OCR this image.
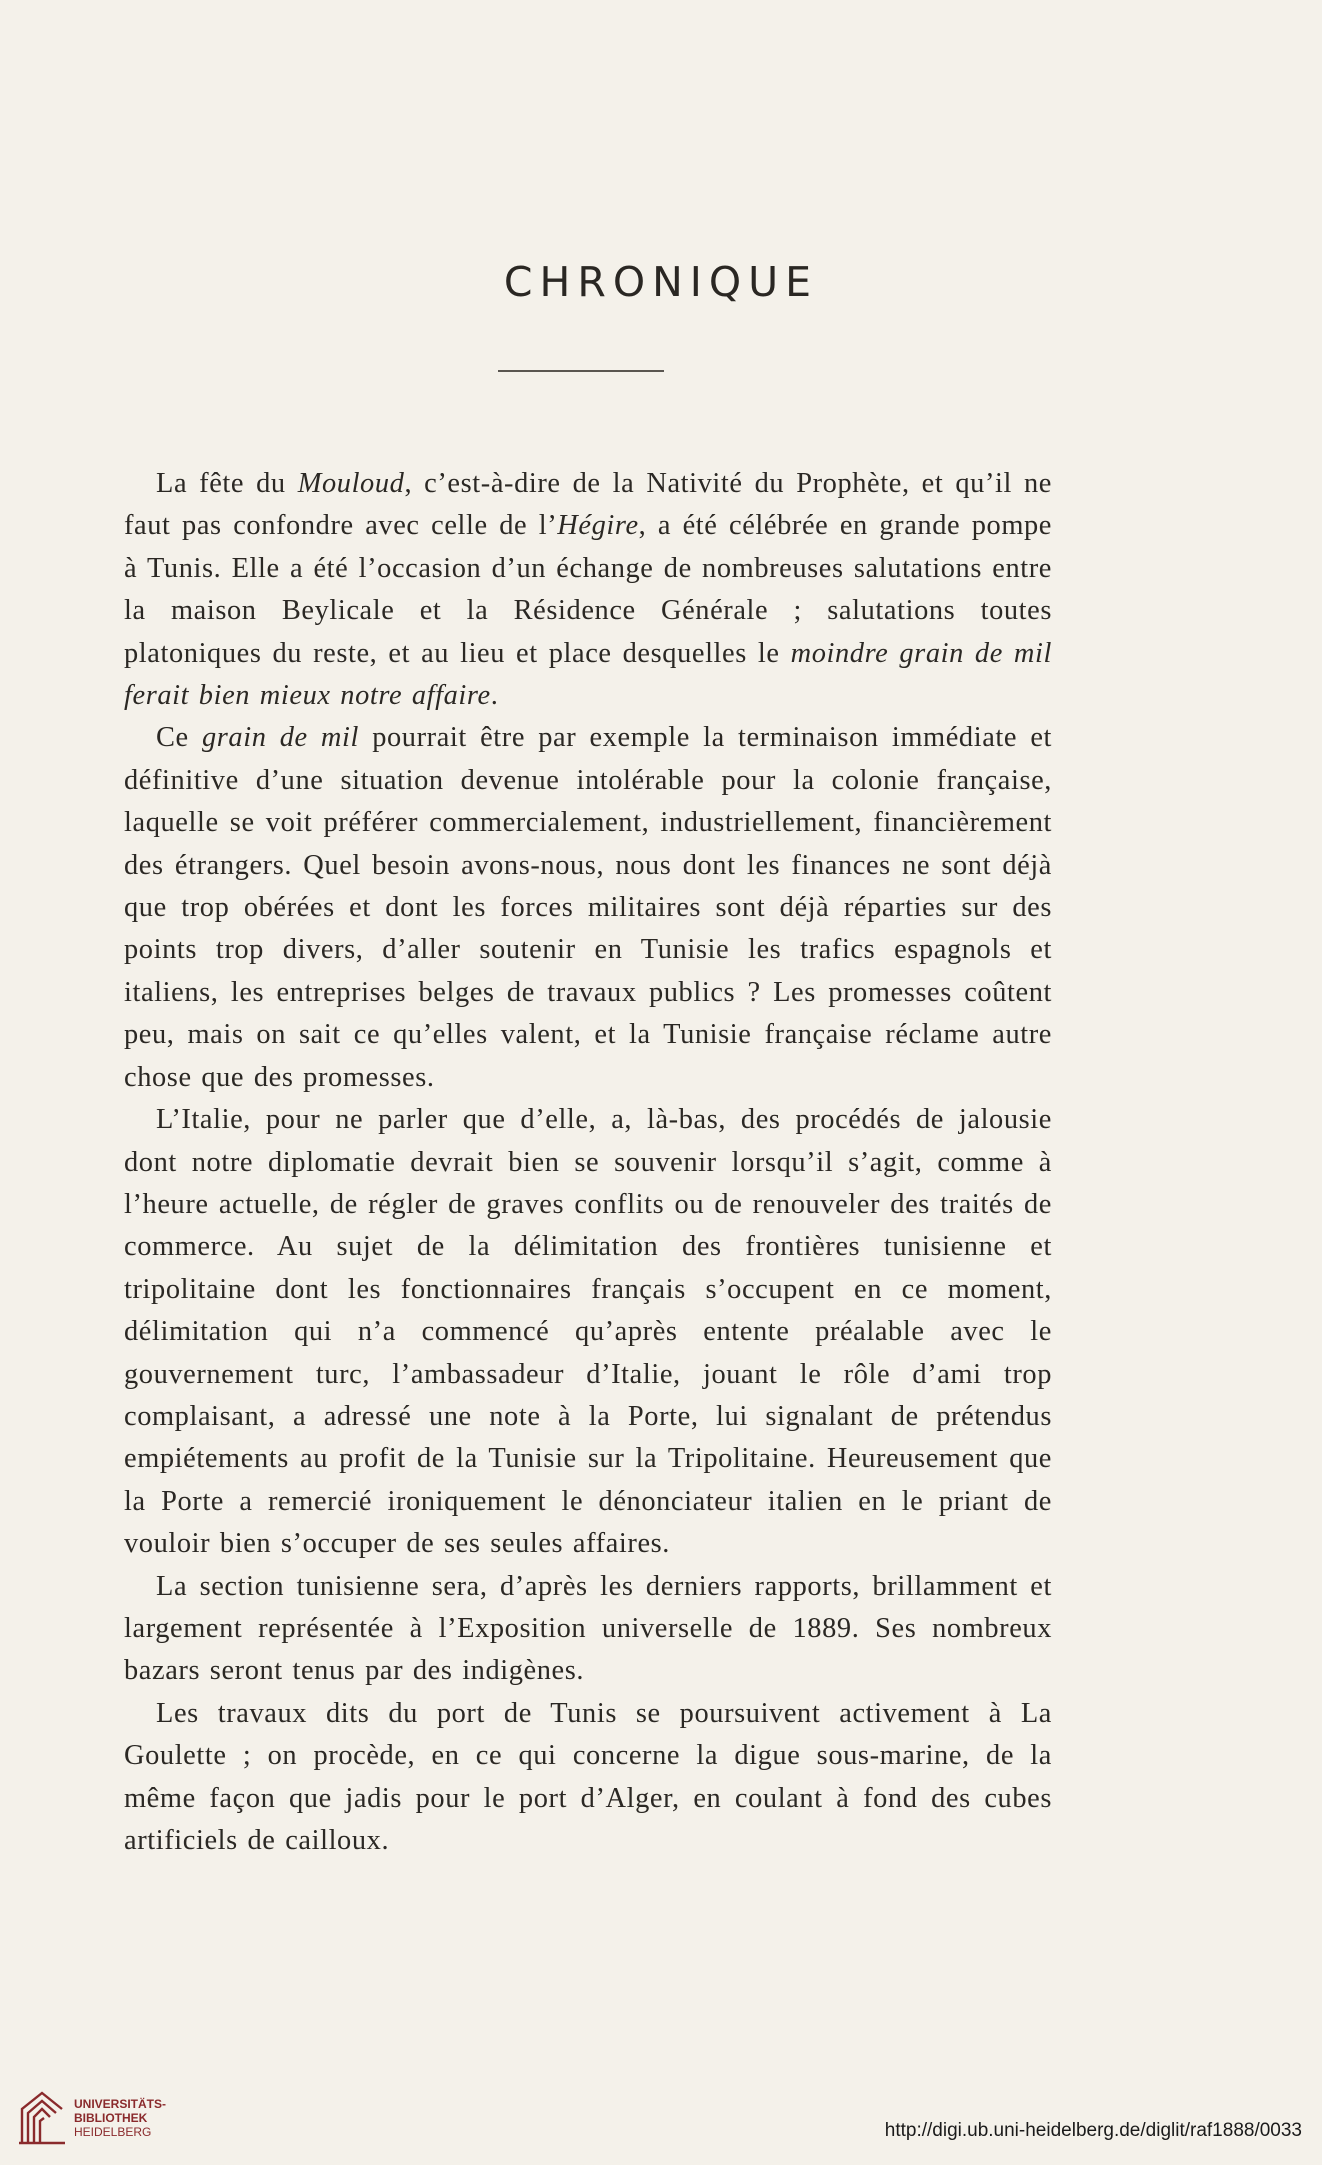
CHRONIQUE

La fête du Mouloud, c’est-à-dire de la Nativité du Prophète, et qu’il ne faut pas confondre avec celle de l’Hégire, a été célébrée en grande pompe à Tunis. Elle a été l’occasion d’un échange de nombreuses salutations entre la maison Beylicale et la Résidence Générale ; salutations toutes platoniques du reste, et au lieu et place desquelles le moindre grain de mil ferait bien mieux notre affaire.

Ce grain de mil pourrait être par exemple la terminaison immédiate et définitive d’une situation devenue intolérable pour la colonie française, laquelle se voit préférer commercialement, industriellement, financièrement des étrangers. Quel besoin avons-nous, nous dont les finances ne sont déjà que trop obérées et dont les forces militaires sont déjà réparties sur des points trop divers, d’aller soutenir en Tunisie les trafics espagnols et italiens, les entreprises belges de travaux publics ? Les promesses coûtent peu, mais on sait ce qu’elles valent, et la Tunisie française réclame autre chose que des promesses.

L’Italie, pour ne parler que d’elle, a, là-bas, des procédés de jalousie dont notre diplomatie devrait bien se souvenir lorsqu’il s’agit, comme à l’heure actuelle, de régler de graves conflits ou de renouveler des traités de commerce. Au sujet de la délimitation des frontières tunisienne et tripolitaine dont les fonctionnaires français s’occupent en ce moment, délimitation qui n’a commencé qu’après entente préalable avec le gouvernement turc, l’ambassadeur d’Italie, jouant le rôle d’ami trop complaisant, a adressé une note à la Porte, lui signalant de prétendus empiétements au profit de la Tunisie sur la Tripolitaine. Heureusement que la Porte a remercié ironiquement le dénonciateur italien en le priant de vouloir bien s’occuper de ses seules affaires.

La section tunisienne sera, d’après les derniers rapports, brillamment et largement représentée à l’Exposition universelle de 1889. Ses nombreux bazars seront tenus par des indigènes.

Les travaux dits du port de Tunis se poursuivent activement à La Goulette ; on procède, en ce qui concerne la digue sous-marine, de la même façon que jadis pour le port d’Alger, en coulant à fond des cubes artificiels de cailloux.

UNIVERSITÄTS-
BIBLIOTHEK
HEIDELBERG	http://digi.ub.uni-heidelberg.de/diglit/raf1888/0033
